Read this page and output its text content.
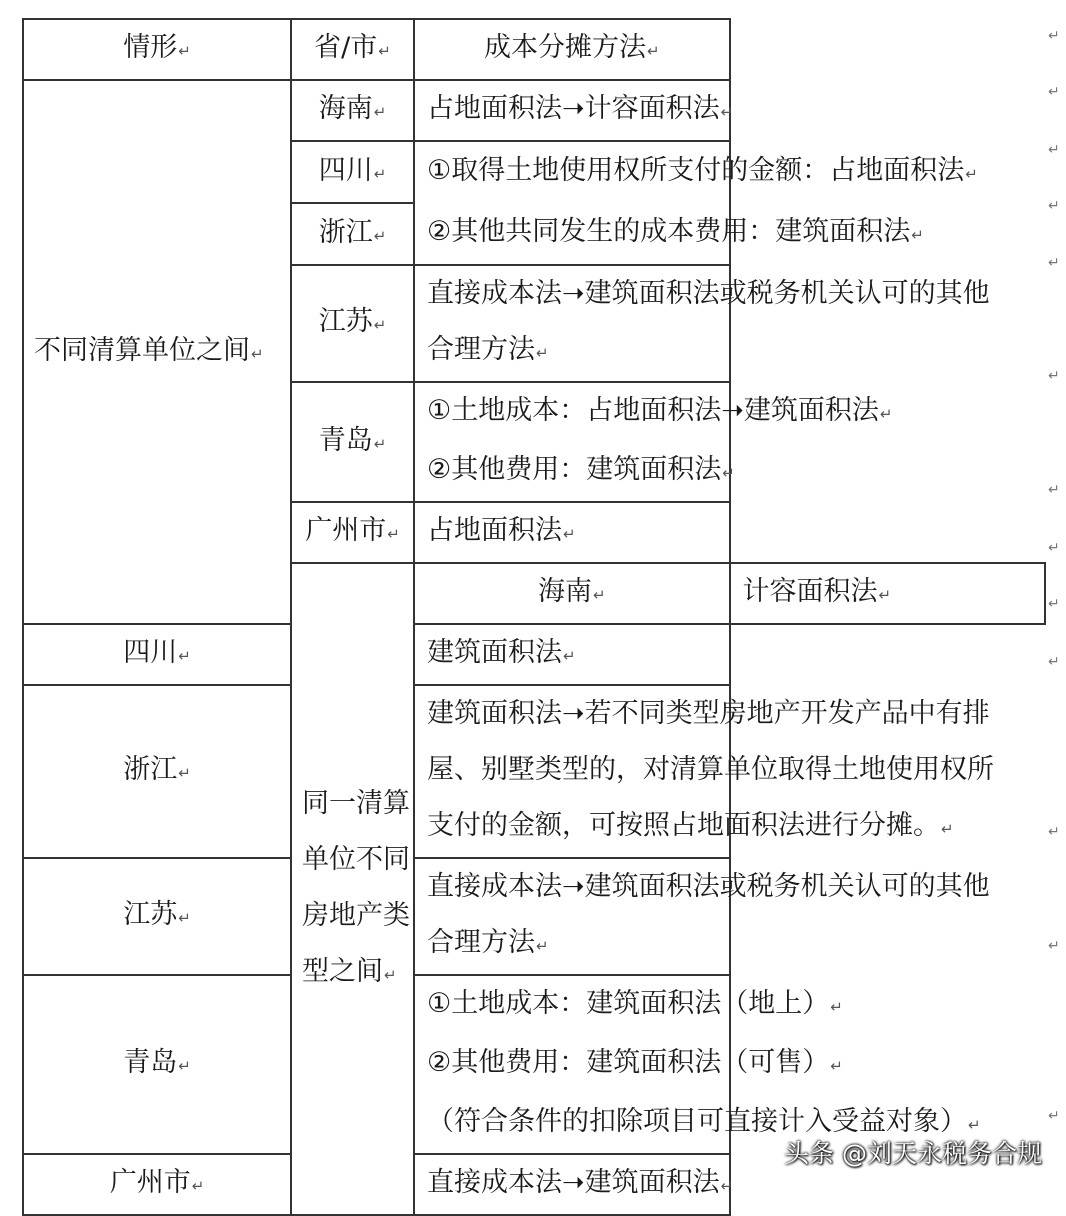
情形↵	省/市↵	成本分摊方法↵	
不同清算单位之间↵	海南↵	占地面积法➝计容面积法↵	
	四川↵	①取得土地使用权所支付的金额：占地面积法↵
②其他共同发生的成本费用：建筑面积法↵	

	浙江↵		
	江苏↵	直接成本法➝建筑面积法或税务机关认可的其他
合理方法↵	

	青岛↵	①土地成本：占地面积法➝建筑面积法↵
②其他费用：建筑面积法↵	

	广州市↵	占地面积法↵	

	同一清算单位不同
房地产类型之间↵	海南↵	计容面积法↵
四川↵		建筑面积法↵	
浙江↵		建筑面积法➝若不同类型房地产开发产品中有排
屋、别墅类型的，对清算单位取得土地使用权所
支付的金额，可按照占地面积法进行分摊。↵	

江苏↵		直接成本法➝建筑面积法或税务机关认可的其他
合理方法↵	

青岛↵		①土地成本：建筑面积法（地上）↵
②其他费用：建筑面积法（可售）↵
（符合条件的扣除项目可直接计入受益对象）↵	

广州市↵		直接成本法➝建筑面积法↵	
↵
↵
↵
↵
↵
↵
↵
↵
↵
↵
↵
↵
↵
头条 @刘天永税务合规
